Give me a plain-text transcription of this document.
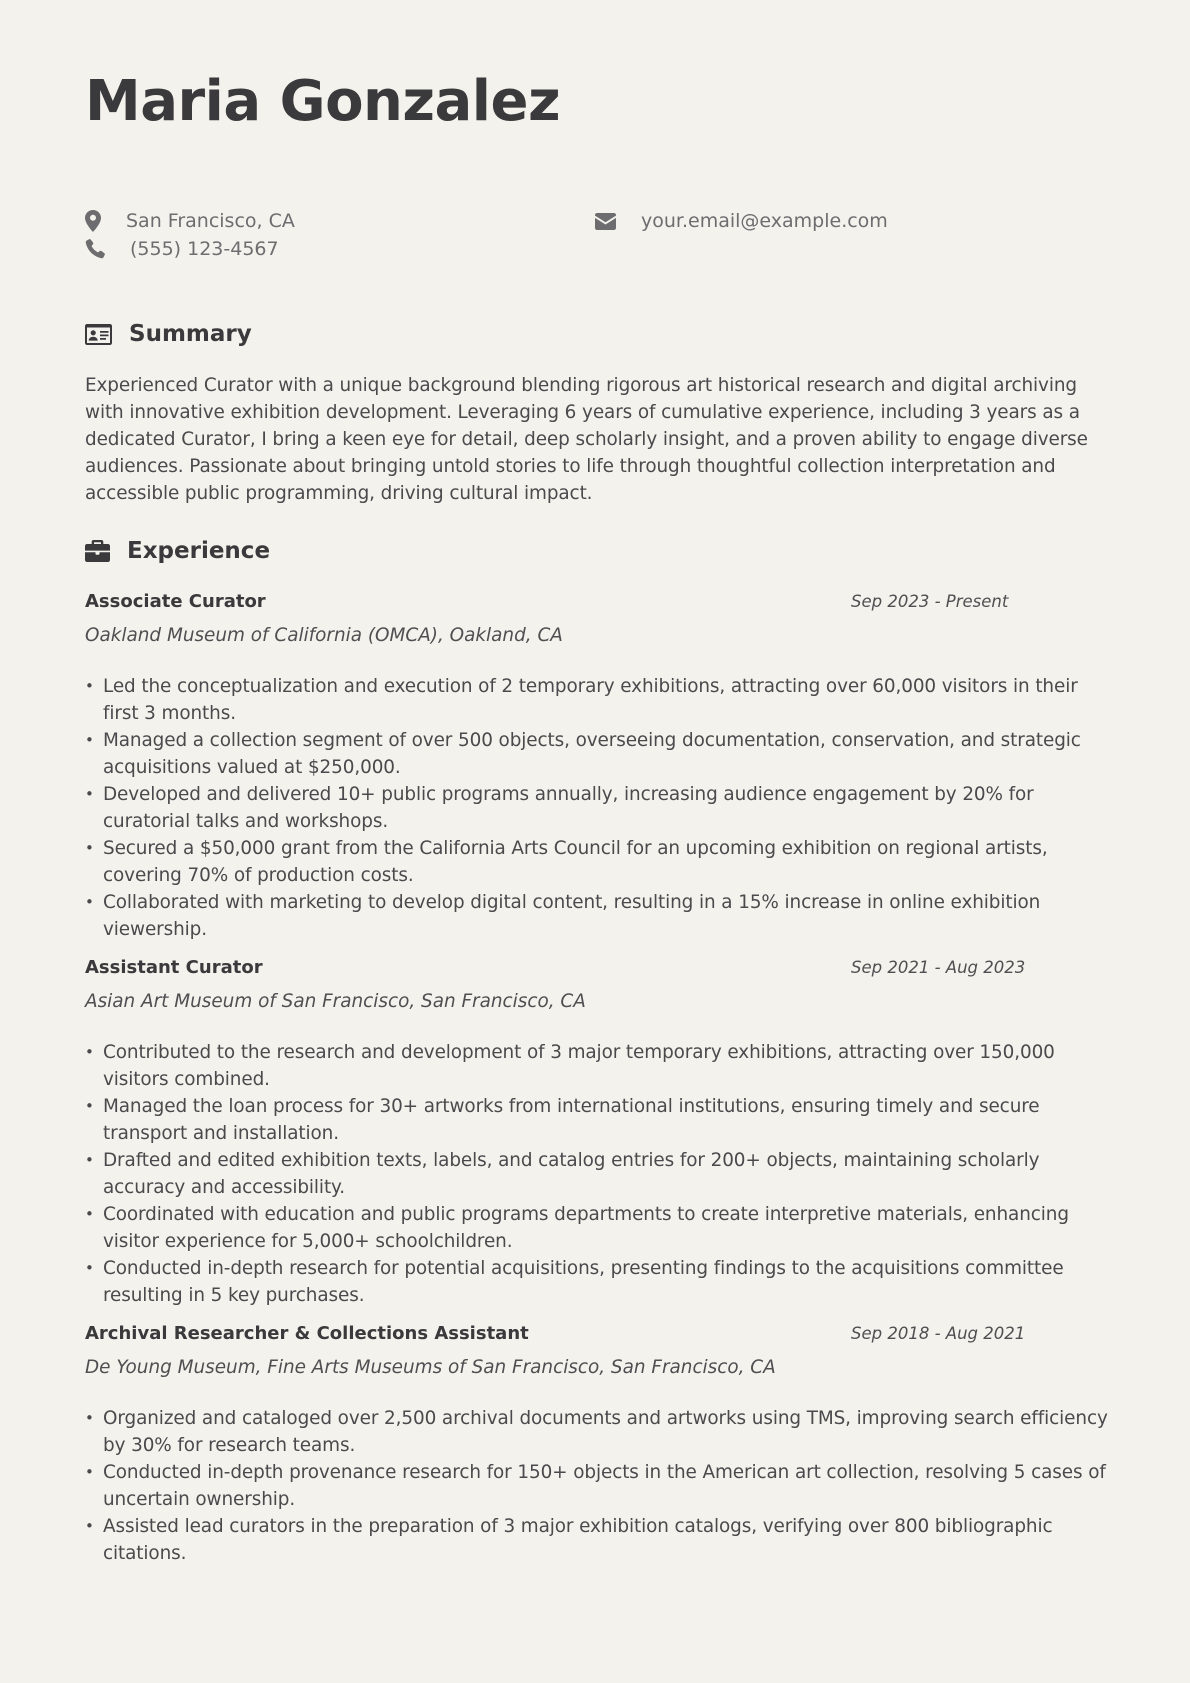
Maria Gonzalez
San Francisco, CA
(555) 123-4567
your.email@example.com
Summary

Experienced Curator with a unique background blending rigorous art historical research and digital archiving with innovative exhibition development. Leveraging 6 years of cumulative experience, including 3 years as a dedicated Curator, I bring a keen eye for detail, deep scholarly insight, and a proven ability to engage diverse audiences. Passionate about bringing untold stories to life through thoughtful collection interpretation and accessible public programming, driving cultural impact.

Experience
Associate Curator	Sep 2023 - Present
Oakland Museum of California (OMCA), Oakland, CA
• Led the conceptualization and execution of 2 temporary exhibitions, attracting over 60,000 visitors in their first 3 months.
• Managed a collection segment of over 500 objects, overseeing documentation, conservation, and strategic acquisitions valued at $250,000.
• Developed and delivered 10+ public programs annually, increasing audience engagement by 20% for curatorial talks and workshops.
• Secured a $50,000 grant from the California Arts Council for an upcoming exhibition on regional artists, covering 70% of production costs.
• Collaborated with marketing to develop digital content, resulting in a 15% increase in online exhibition viewership.
Assistant Curator	Sep 2021 - Aug 2023
Asian Art Museum of San Francisco, San Francisco, CA
• Contributed to the research and development of 3 major temporary exhibitions, attracting over 150,000 visitors combined.
• Managed the loan process for 30+ artworks from international institutions, ensuring timely and secure transport and installation.
• Drafted and edited exhibition texts, labels, and catalog entries for 200+ objects, maintaining scholarly accuracy and accessibility.
• Coordinated with education and public programs departments to create interpretive materials, enhancing visitor experience for 5,000+ schoolchildren.
• Conducted in-depth research for potential acquisitions, presenting findings to the acquisitions committee resulting in 5 key purchases.
Archival Researcher & Collections Assistant	Sep 2018 - Aug 2021
De Young Museum, Fine Arts Museums of San Francisco, San Francisco, CA
• Organized and cataloged over 2,500 archival documents and artworks using TMS, improving search efficiency by 30% for research teams.
• Conducted in-depth provenance research for 150+ objects in the American art collection, resolving 5 cases of uncertain ownership.
• Assisted lead curators in the preparation of 3 major exhibition catalogs, verifying over 800 bibliographic citations.
